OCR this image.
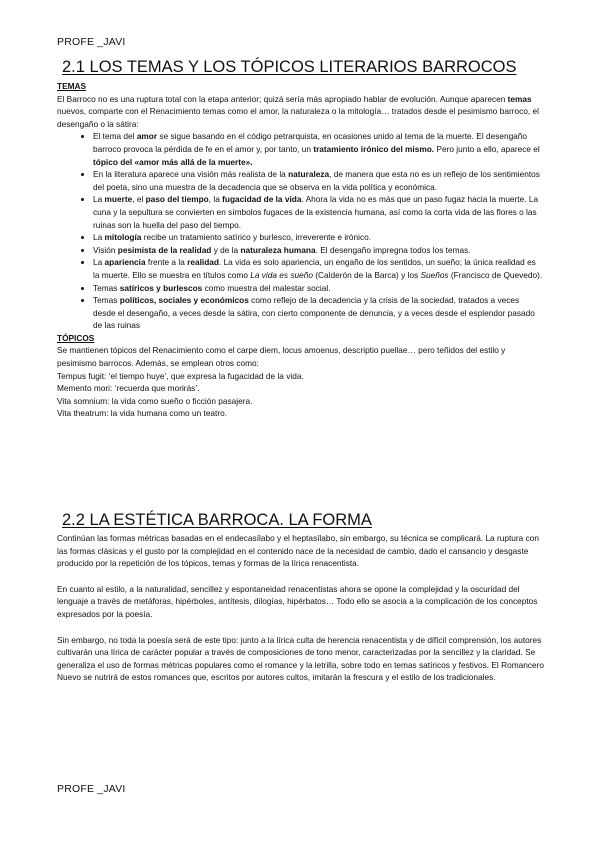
PROFE _JAVI
2.1 LOS TEMAS Y LOS TÓPICOS LITERARIOS BARROCOS
TEMAS

El Barroco no es una ruptura total con la etapa anterior; quizá sería más apropiado hablar de evolución. Aunque aparecen temas nuevos, comparte con el Renacimiento temas como el amor, la naturaleza o la mitología… tratados desde el pesimismo barroco, el desengaño o la sátira:

• El tema del amor se sigue basando en el código petrarquista, en ocasiones unido al tema de la muerte. El desengaño barroco provoca la pérdida de fe en el amor y, por tanto, un tratamiento irónico del mismo. Pero junto a ello, aparece el tópico del «amor más allá de la muerte».
• En la literatura aparece una visión más realista de la naturaleza, de manera que esta no es un reflejo de los sentimientos del poeta, sino una muestra de la decadencia que se observa en la vida política y económica.
• La muerte, el paso del tiempo, la fugacidad de la vida. Ahora la vida no es más que un paso fugaz hacia la muerte. La cuna y la sepultura se convierten en símbolos fugaces de la existencia humana, así como la corta vida de las flores o las ruinas son la huella del paso del tiempo.
• La mitología recibe un tratamiento satírico y burlesco, irreverente e irónico.
• Visión pesimista de la realidad y de la naturaleza humana. El desengaño impregna todos los temas.
• La apariencia frente a la realidad. La vida es solo apariencia, un engaño de los sentidos, un sueño; la única realidad es la muerte. Ello se muestra en títulos como La vida es sueño (Calderón de la Barca) y los Sueños (Francisco de Quevedo).
• Temas satíricos y burlescos como muestra del malestar social.
• Temas políticos, sociales y económicos como reflejo de la decadencia y la crisis de la sociedad, tratados a veces desde el desengaño, a veces desde la sátira, con cierto componente de denuncia, y a veces desde el esplendor pasado de las ruinas
TÓPICOS

Se mantienen tópicos del Renacimiento como el carpe diem, locus amoenus, descriptio puellae… pero teñidos del estilo y pesimismo barrocos. Además, se emplean otros como:

Tempus fugit: ‘el tiempo huye’, que expresa la fugacidad de la vida.

Memento mori: ‘recuerda que morirás’.

Vita somnium: la vida como sueño o ficción pasajera.

Vita theatrum: la vida humana como un teatro.

2.2 LA ESTÉTICA BARROCA. LA FORMA

Continúan las formas métricas basadas en el endecasílabo y el heptasílabo, sin embargo, su técnica se complicará. La ruptura con las formas clásicas y el gusto por la complejidad en el contenido nace de la necesidad de cambio, dado el cansancio y desgaste producido por la repetición de los tópicos, temas y formas de la lírica renacentista.

En cuanto al estilo, a la naturalidad, sencillez y espontaneidad renacentistas ahora se opone la complejidad y la oscuridad del lenguaje a través de metáforas, hipérboles, antítesis, dilogías, hipérbatos… Todo ello se asocia a la complicación de los conceptos expresados por la poesía.

Sin embargo, no toda la poesía será de este tipo: junto a la lírica culta de herencia renacentista y de difícil comprensión, los autores cultivarán una lírica de carácter popular a través de composiciones de tono menor, caracterizadas por la sencillez y la claridad. Se generaliza el uso de formas métricas populares como el romance y la letrilla, sobre todo en temas satíricos y festivos. El Romancero Nuevo se nutrirá de estos romances que, escritos por autores cultos, imitarán la frescura y el estilo de los tradicionales.

PROFE _JAVI
